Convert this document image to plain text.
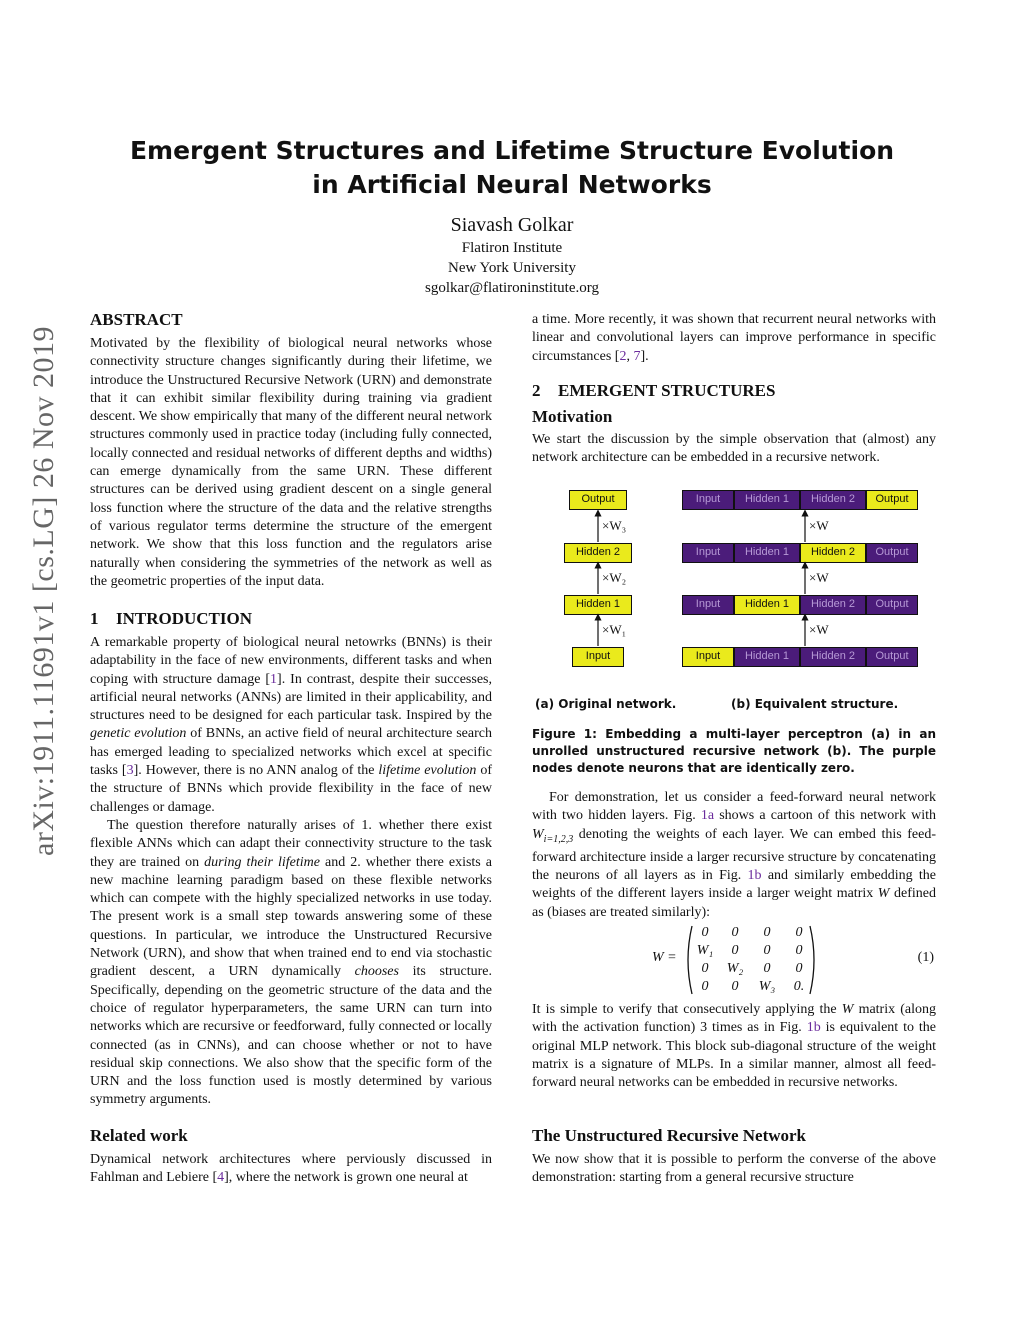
Emergent Structures and Lifetime Structure Evolution
in Artificial Neural Networks
Siavash Golkar
Flatiron Institute
New York University
sgolkar@flatironinstitute.org
arXiv:1911.11691v1 [cs.LG] 26 Nov 2019
ABSTRACT

Motivated by the flexibility of biological neural networks whose connectivity structure changes significantly during their lifetime, we introduce the Unstructured Recursive Network (URN) and demonstrate that it can exhibit similar flexibility during training via gradient descent. We show empirically that many of the different neural network structures commonly used in practice today (including fully connected, locally connected and residual networks of different depths and widths) can emerge dynamically from the same URN. These different structures can be derived using gradient descent on a single general loss function where the structure of the data and the relative strengths of various regulator terms determine the structure of the emergent network. We show that this loss function and the regulators arise naturally when considering the symmetries of the network as well as the geometric properties of the input data.

1 INTRODUCTION

A remarkable property of biological neural netowrks (BNNs) is their adaptability in the face of new environments, different tasks and when coping with structure damage [1]. In contrast, despite their successes, artificial neural networks (ANNs) are limited in their applicability, and structures need to be designed for each particular task. Inspired by the genetic evolution of BNNs, an active field of neural architecture search has emerged leading to specialized networks which excel at specific tasks [3]. However, there is no ANN analog of the lifetime evolution of the structure of BNNs which provide flexibility in the face of new challenges or damage.

The question therefore naturally arises of 1. whether there exist flexible ANNs which can adapt their connectivity structure to the task they are trained on during their lifetime and 2. whether there exists a new machine learning paradigm based on these flexible networks which can compete with the highly specialized networks in use today. The present work is a small step towards answering some of these questions. In particular, we introduce the Unstructured Recursive Network (URN), and show that when trained end to end via stochastic gradient descent, a URN dynamically chooses its structure. Specifically, depending on the geometric structure of the data and the choice of regulator hyperparameters, the same URN can turn into networks which are recursive or feedforward, fully connected or locally connected (as in CNNs), and can choose whether or not to have residual skip connections. We also show that the specific form of the URN and the loss function used is mostly determined by various symmetry arguments.

Related work

Dynamical network architectures where perviously discussed in Fahlman and Lebiere [4], where the network is grown one neural at

a time. More recently, it was shown that recurrent neural networks with linear and convolutional layers can improve performance in specific circumstances [2, 7].

2 EMERGENT STRUCTURES
Motivation

We start the discussion by the simple observation that (almost) any network architecture can be embedded in a recursive network.

Output
Hidden 2
Hidden 1
Input
×W₃
×W₂
×W₁
Input	Hidden 1	Hidden 2	Output
Input	Hidden 1	Hidden 2	Output
Input	Hidden 1	Hidden 2	Output
Input	Hidden 1	Hidden 2	Output
×W
×W
×W
(a) Original network.	(b) Equivalent structure.
Figure 1: Embedding a multi-layer perceptron (a) in an unrolled unstructured recursive network (b). The purple nodes denote neurons that are identically zero.

For demonstration, let us consider a feed-forward neural network with two hidden layers. Fig. 1a shows a cartoon of this network with $W_{i=1,2,3}$ denoting the weights of each layer. We can embed this feed-forward architecture inside a larger recursive structure by concatenating the neurons of all layers as in Fig. 1b and similarly embedding the weights of the different layers inside a larger weight matrix W defined as (biases are treated similarly):

W =
0	0	0	0
W₁	0	0	0
0	W₂	0	0
0	0	W₃	0.
(1)

It is simple to verify that consecutively applying the W matrix (along with the activation function) 3 times as in Fig. 1b is equivalent to the original MLP network. This block sub-diagonal structure of the weight matrix is a signature of MLPs. In a similar manner, almost all feed-forward neural networks can be embedded in recursive networks.

The Unstructured Recursive Network

We now show that it is possible to perform the converse of the above demonstration: starting from a general recursive structure
